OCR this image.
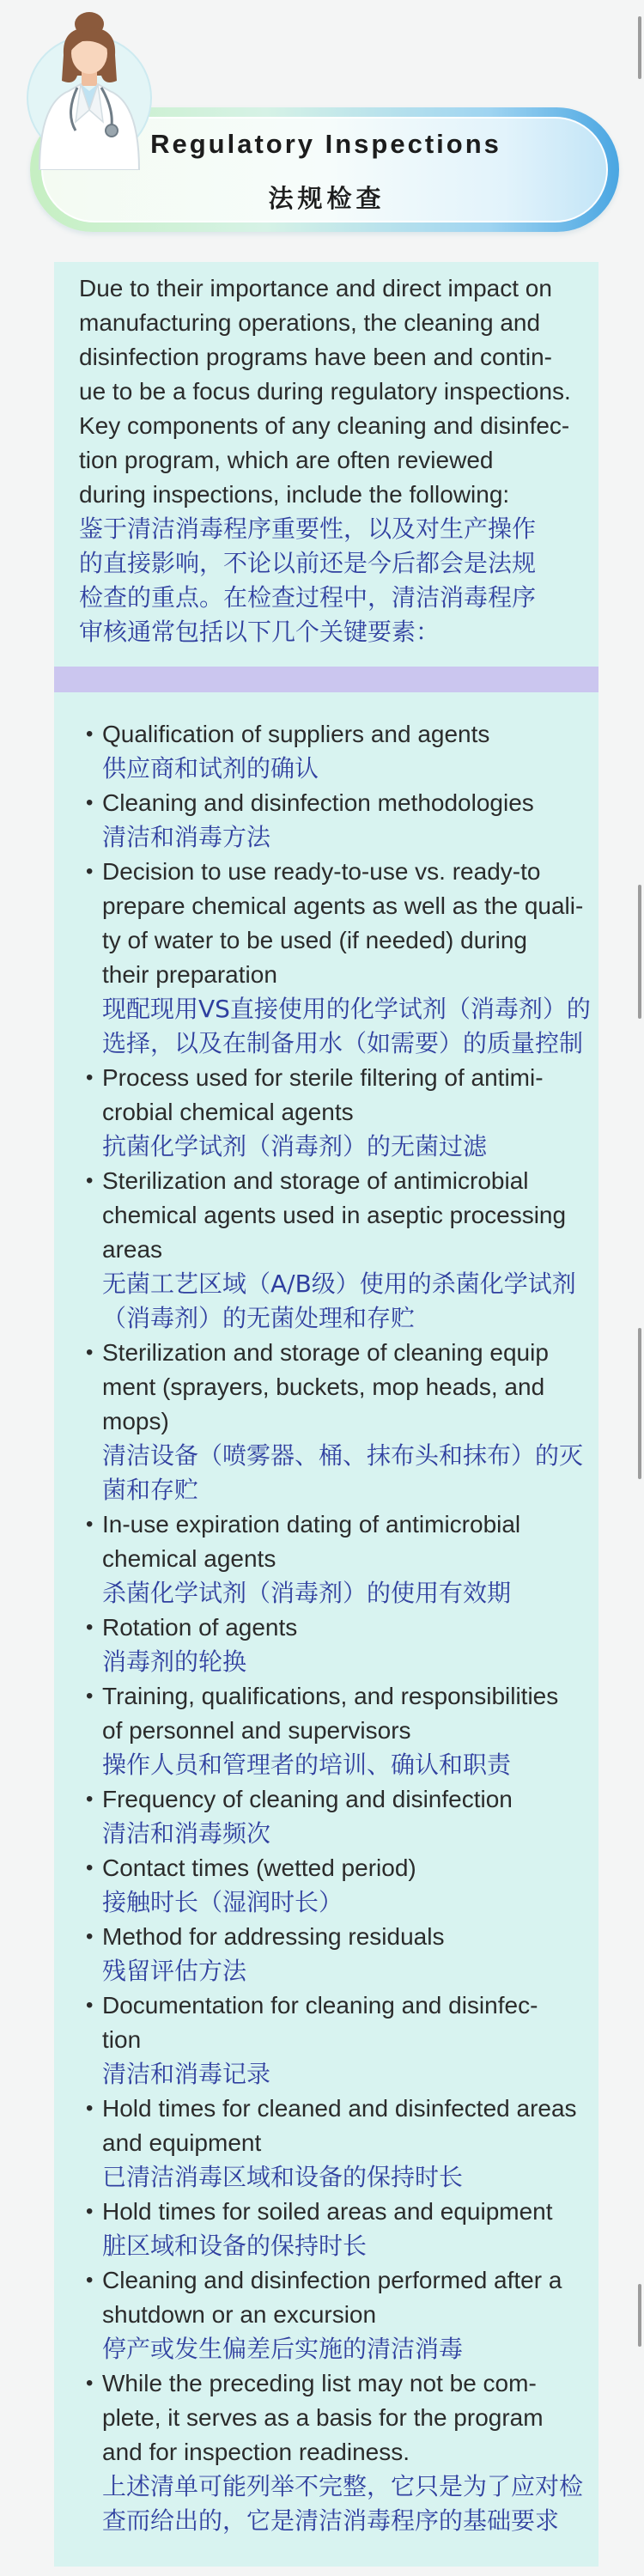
Regulatory Inspections
法规检查
Due to their importance and direct impact on
manufacturing operations, the cleaning and
disinfection programs have been and contin-
ue to be a focus during regulatory inspections.
Key components of any cleaning and disinfec-
tion program, which are often reviewed
during inspections, include the following:
鉴于清洁消毒程序重要性，以及对生产操作
的直接影响，不论以前还是今后都会是法规
检查的重点。在检查过程中，清洁消毒程序
审核通常包括以下几个关键要素：
• Qualification of suppliers and agents
供应商和试剂的确认
• Cleaning and disinfection methodologies
清洁和消毒方法
• Decision to use ready-to-use vs. ready-to
prepare chemical agents as well as the quali-
ty of water to be used (if needed) during
their preparation
现配现用VS直接使用的化学试剂（消毒剂）的
选择，以及在制备用水（如需要）的质量控制
• Process used for sterile filtering of antimi-
crobial chemical agents
抗菌化学试剂（消毒剂）的无菌过滤
• Sterilization and storage of antimicrobial
chemical agents used in aseptic processing
areas
无菌工艺区域（A/B级）使用的杀菌化学试剂
（消毒剂）的无菌处理和存贮
• Sterilization and storage of cleaning equip
ment (sprayers, buckets, mop heads, and
mops)
清洁设备（喷雾器、桶、抹布头和抹布）的灭
菌和存贮
• In-use expiration dating of antimicrobial
chemical agents
杀菌化学试剂（消毒剂）的使用有效期
• Rotation of agents
消毒剂的轮换
• Training, qualifications, and responsibilities
of personnel and supervisors
操作人员和管理者的培训、确认和职责
• Frequency of cleaning and disinfection
清洁和消毒频次
• Contact times (wetted period)
接触时长（湿润时长）
• Method for addressing residuals
残留评估方法
• Documentation for cleaning and disinfec-
tion
清洁和消毒记录
• Hold times for cleaned and disinfected areas
and equipment
已清洁消毒区域和设备的保持时长
• Hold times for soiled areas and equipment
脏区域和设备的保持时长
• Cleaning and disinfection performed after a
shutdown or an excursion
停产或发生偏差后实施的清洁消毒
• While the preceding list may not be com-
plete, it serves as a basis for the program
and for inspection readiness.
上述清单可能列举不完整，它只是为了应对检
查而给出的，它是清洁消毒程序的基础要求
